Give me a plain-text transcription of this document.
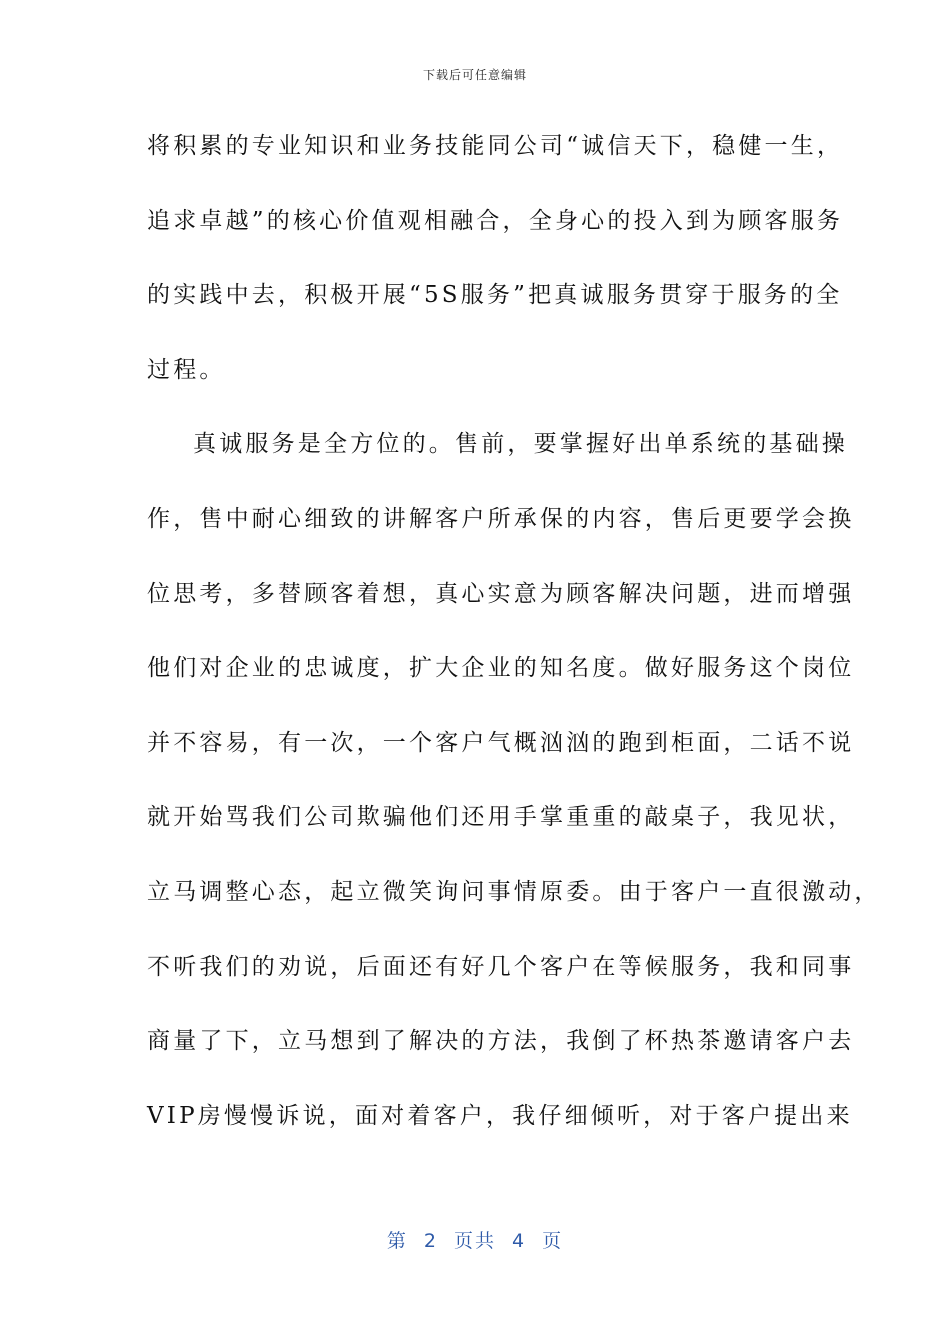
下载后可任意编辑
将积累的专业知识和业务技能同公司“诚信天下，稳健一生，
追求卓越”的核心价值观相融合，全身心的投入到为顾客服务
的实践中去，积极开展“5S服务”把真诚服务贯穿于服务的全
过程。
真诚服务是全方位的。售前，要掌握好出单系统的基础操
作，售中耐心细致的讲解客户所承保的内容，售后更要学会换
位思考，多替顾客着想，真心实意为顾客解决问题，进而增强
他们对企业的忠诚度，扩大企业的知名度。做好服务这个岗位
并不容易，有一次，一个客户气概汹汹的跑到柜面，二话不说
就开始骂我们公司欺骗他们还用手掌重重的敲桌子，我见状，
立马调整心态，起立微笑询问事情原委。由于客户一直很激动，
不听我们的劝说，后面还有好几个客户在等候服务，我和同事
商量了下，立马想到了解决的方法，我倒了杯热茶邀请客户去
VIP房慢慢诉说，面对着客户，我仔细倾听，对于客户提出来
第 2 页共 4 页
